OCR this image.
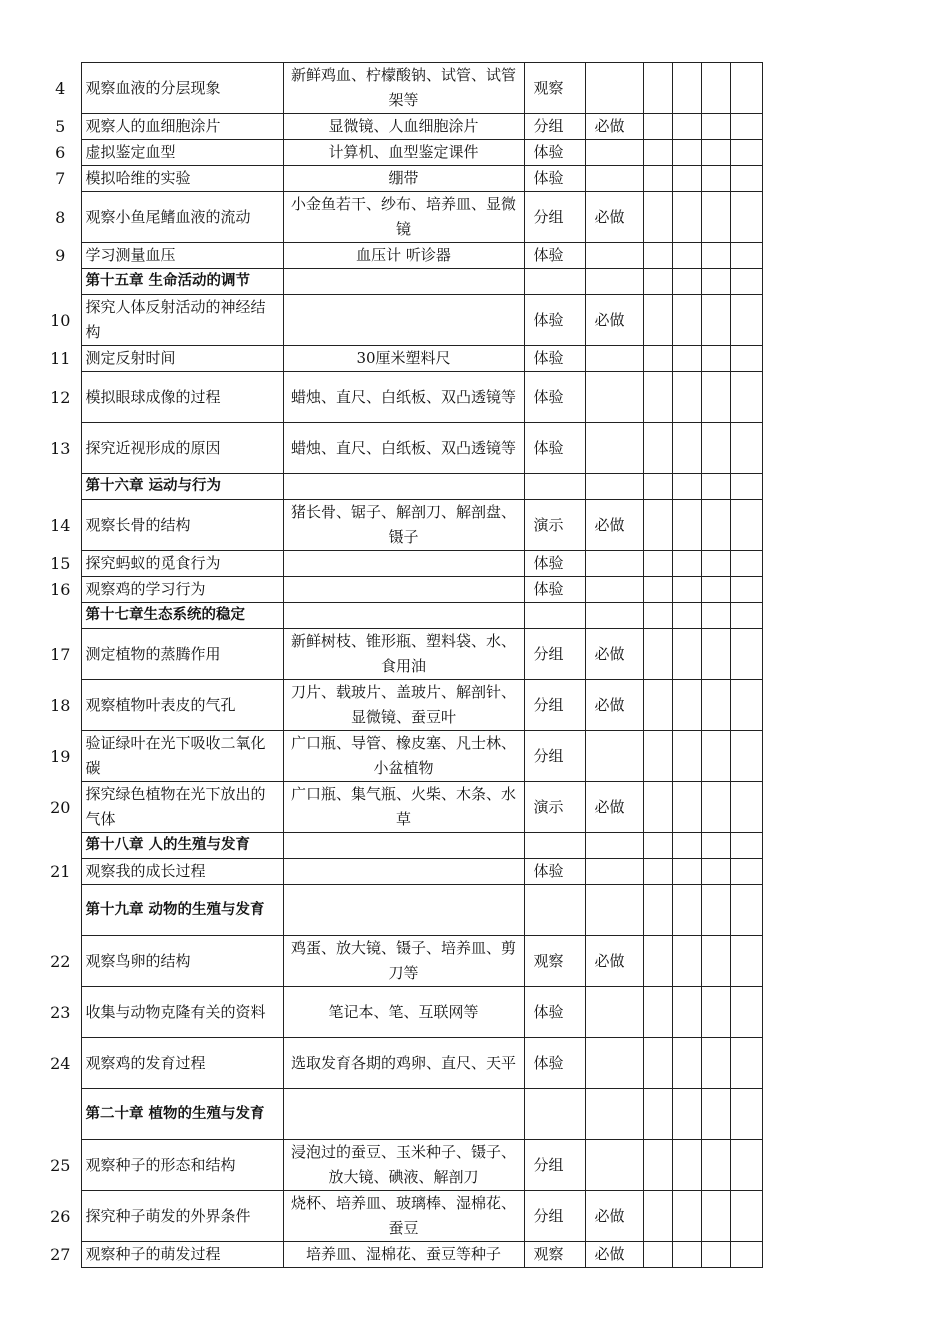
4	观察血液的分层现象	新鲜鸡血、柠檬酸钠、试管、试管架等	观察					
5	观察人的血细胞涂片	显微镜、人血细胞涂片	分组	必做				
6	虚拟鉴定血型	计算机、血型鉴定课件	体验					
7	模拟哈维的实验	绷带	体验					
8	观察小鱼尾鳍血液的流动	小金鱼若干、纱布、培养皿、显微镜	分组	必做				
9	学习测量血压	血压计 听诊器	体验					
	第十五章 生命活动的调节							
10	探究人体反射活动的神经结构		体验	必做				
11	测定反射时间	30厘米塑料尺	体验					
12	模拟眼球成像的过程	蜡烛、直尺、白纸板、双凸透镜等	体验					
13	探究近视形成的原因	蜡烛、直尺、白纸板、双凸透镜等	体验					
	第十六章 运动与行为							
14	观察长骨的结构	猪长骨、锯子、解剖刀、解剖盘、镊子	演示	必做				
15	探究蚂蚁的觅食行为		体验					
16	观察鸡的学习行为		体验					
	第十七章生态系统的稳定							
17	测定植物的蒸腾作用	新鲜树枝、锥形瓶、塑料袋、水、食用油	分组	必做				
18	观察植物叶表皮的气孔	刀片、载玻片、盖玻片、解剖针、显微镜、蚕豆叶	分组	必做				
19	验证绿叶在光下吸收二氧化碳	广口瓶、导管、橡皮塞、凡士林、小盆植物	分组					
20	探究绿色植物在光下放出的气体	广口瓶、集气瓶、火柴、木条、水草	演示	必做				
	第十八章 人的生殖与发育							
21	观察我的成长过程		体验					
	第十九章 动物的生殖与发育							
22	观察鸟卵的结构	鸡蛋、放大镜、镊子、培养皿、剪刀等	观察	必做				
23	收集与动物克隆有关的资料	笔记本、笔、互联网等	体验					
24	观察鸡的发育过程	选取发育各期的鸡卵、直尺、天平	体验					
	第二十章 植物的生殖与发育							
25	观察种子的形态和结构	浸泡过的蚕豆、玉米种子、镊子、放大镜、碘液、解剖刀	分组					
26	探究种子萌发的外界条件	烧杯、培养皿、玻璃棒、湿棉花、蚕豆	分组	必做				
27	观察种子的萌发过程	培养皿、湿棉花、蚕豆等种子	观察	必做				
